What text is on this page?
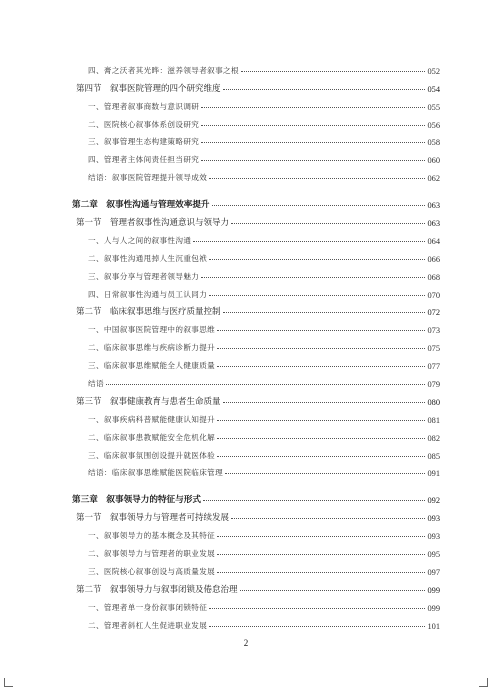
四、膏之沃者其光晔：滋养领导者叙事之根	052
第四节　叙事医院管理的四个研究维度	054
一、管理者叙事商数与意识调研	055
二、医院核心叙事体系创设研究	056
三、叙事管理生态构建策略研究	058
四、管理者主体间责任担当研究	060
结语：叙事医院管理提升领导成效	062
第二章　叙事性沟通与管理效率提升	063
第一节　管理者叙事性沟通意识与领导力	063
一、人与人之间的叙事性沟通	064
二、叙事性沟通甩掉人生沉重包袱	066
三、叙事分享与管理者领导魅力	068
四、日常叙事性沟通与员工认同力	070
第二节　临床叙事思维与医疗质量控制	072
一、中国叙事医院管理中的叙事思维	073
二、临床叙事思维与疾病诊断力提升	075
三、临床叙事思维赋能全人健康质量	077
结语	079
第三节　叙事健康教育与患者生命质量	080
一、叙事疾病科普赋能健康认知提升	081
二、临床叙事患教赋能安全危机化解	082
三、临床叙事氛围创设提升就医体验	085
结语：临床叙事思维赋能医院临床管理	091
第三章　叙事领导力的特征与形式	092
第一节　叙事领导力与管理者可持续发展	093
一、叙事领导力的基本概念及其特征	093
二、叙事领导力与管理者的职业发展	095
三、医院核心叙事创设与高质量发展	097
第二节　叙事领导力与叙事闭锁及倦怠治理	099
一、管理者单一身份叙事闭锁特征	099
二、管理者斜杠人生促进职业发展	101
2
